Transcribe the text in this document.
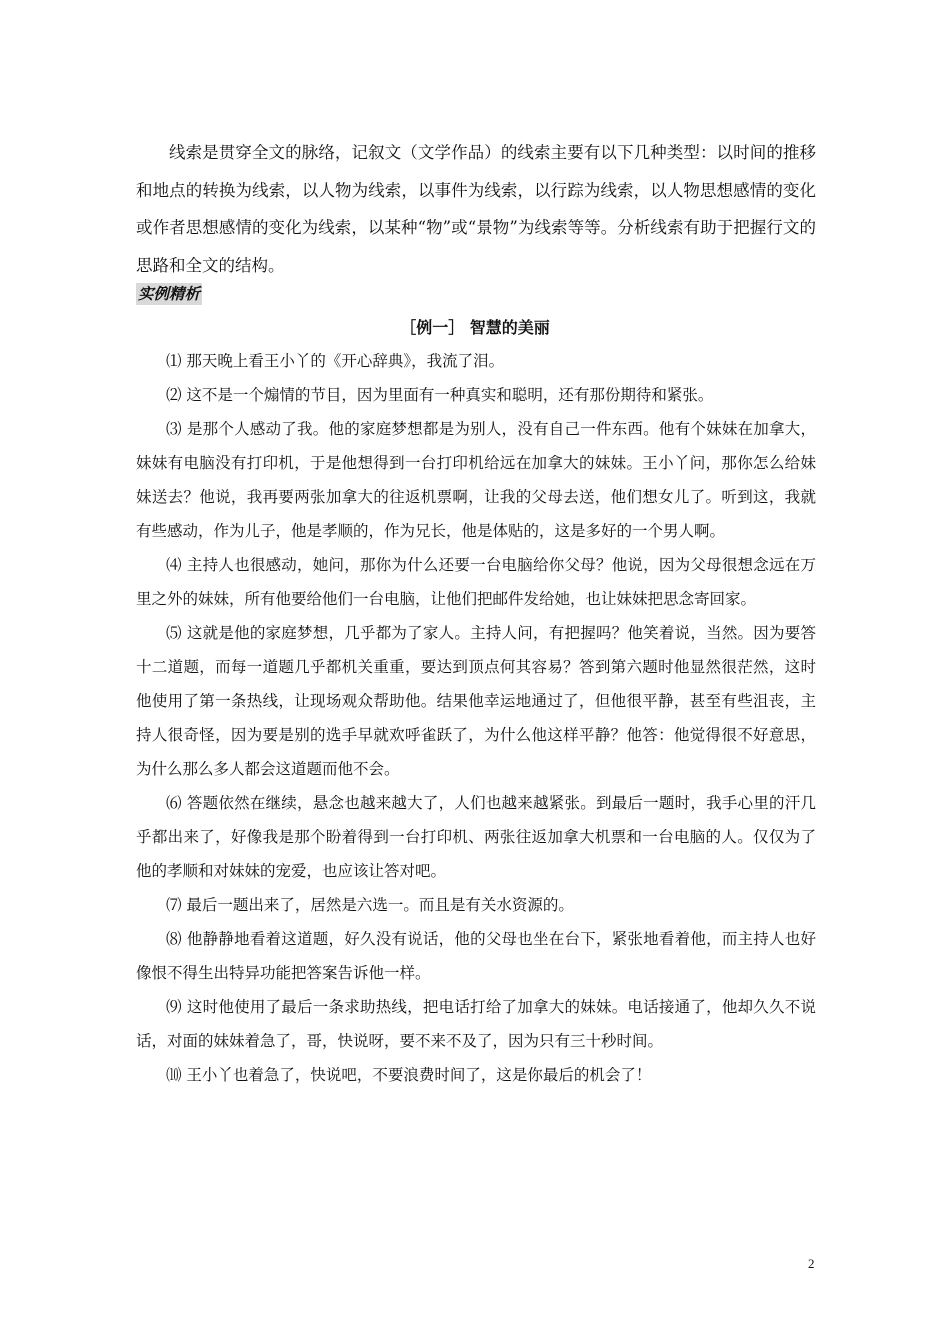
线索是贯穿全文的脉络，记叙文（文学作品）的线索主要有以下几种类型：以时间的推移和地点的转换为线索，以人物为线索，以事件为线索，以行踪为线索，以人物思想感情的变化或作者思想感情的变化为线索，以某种“物”或“景物”为线索等等。分析线索有助于把握行文的思路和全文的结构。

实例精析
［例一］ 智慧的美丽

⑴ 那天晚上看王小丫的《开心辞典》，我流了泪。

⑵ 这不是一个煽情的节目，因为里面有一种真实和聪明，还有那份期待和紧张。

⑶ 是那个人感动了我。他的家庭梦想都是为别人，没有自己一件东西。他有个妹妹在加拿大，妹妹有电脑没有打印机，于是他想得到一台打印机给远在加拿大的妹妹。王小丫问，那你怎么给妹妹送去？他说，我再要两张加拿大的往返机票啊，让我的父母去送，他们想女儿了。听到这，我就有些感动，作为儿子，他是孝顺的，作为兄长，他是体贴的，这是多好的一个男人啊。

⑷ 主持人也很感动，她问，那你为什么还要一台电脑给你父母？他说，因为父母很想念远在万里之外的妹妹，所有他要给他们一台电脑，让他们把邮件发给她，也让妹妹把思念寄回家。

⑸ 这就是他的家庭梦想，几乎都为了家人。主持人问，有把握吗？他笑着说，当然。因为要答十二道题，而每一道题几乎都机关重重，要达到顶点何其容易？答到第六题时他显然很茫然，这时他使用了第一条热线，让现场观众帮助他。结果他幸运地通过了，但他很平静，甚至有些沮丧，主持人很奇怪，因为要是别的选手早就欢呼雀跃了，为什么他这样平静？他答：他觉得很不好意思，为什么那么多人都会这道题而他不会。

⑹ 答题依然在继续，悬念也越来越大了，人们也越来越紧张。到最后一题时，我手心里的汗几乎都出来了，好像我是那个盼着得到一台打印机、两张往返加拿大机票和一台电脑的人。仅仅为了他的孝顺和对妹妹的宠爱，也应该让答对吧。

⑺ 最后一题出来了，居然是六选一。而且是有关水资源的。

⑻ 他静静地看着这道题，好久没有说话，他的父母也坐在台下，紧张地看着他，而主持人也好像恨不得生出特异功能把答案告诉他一样。

⑼ 这时他使用了最后一条求助热线，把电话打给了加拿大的妹妹。电话接通了，他却久久不说话，对面的妹妹着急了，哥，快说呀，要不来不及了，因为只有三十秒时间。

⑽ 王小丫也着急了，快说吧，不要浪费时间了，这是你最后的机会了！

2
